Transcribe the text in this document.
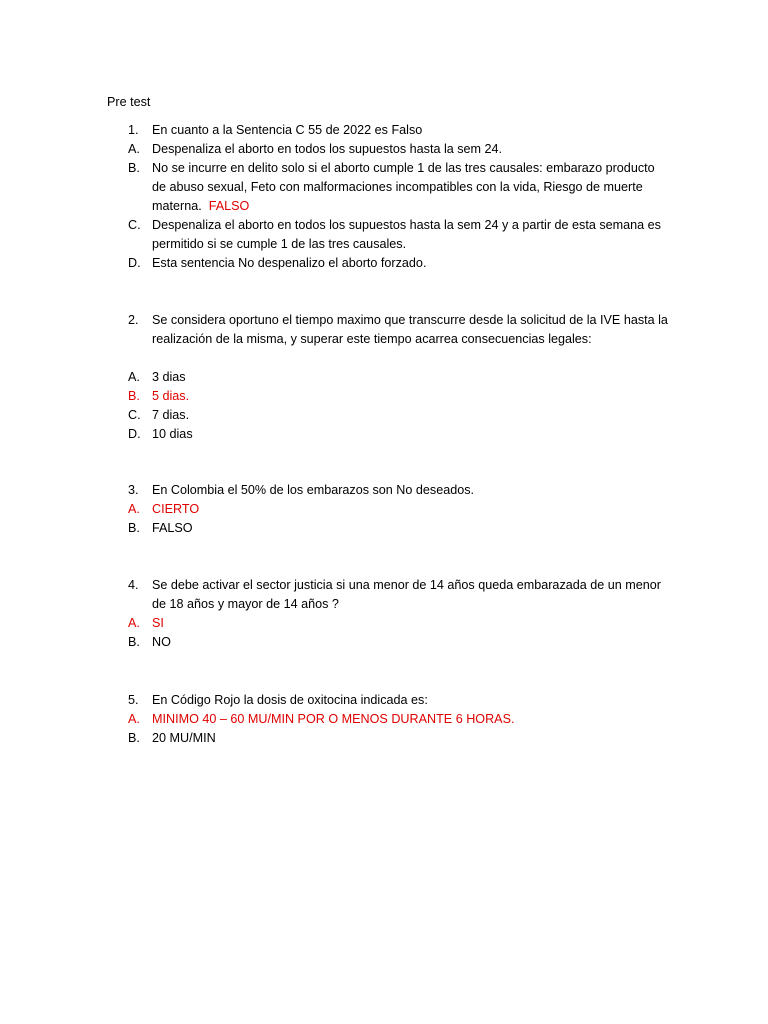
Pre test
1.	En cuanto a la Sentencia C 55 de 2022 es Falso
A. Despenaliza el aborto en todos los supuestos hasta la sem 24.
B. No se incurre en delito solo si el aborto cumple 1 de las tres causales: embarazo producto de abuso sexual, Feto con malformaciones incompatibles con la vida, Riesgo de muerte materna. FALSO
C. Despenaliza el aborto en todos los supuestos hasta la sem 24 y a partir de esta semana es permitido si se cumple 1 de las tres causales.
D. Esta sentencia No despenalizo el aborto forzado.
2.	Se considera oportuno el tiempo maximo que transcurre desde la solicitud de la IVE hasta la realización de la misma, y superar este tiempo acarrea consecuencias legales:
A. 3 dias
B. 5 dias.
C. 7 dias.
D. 10 dias
3.	En Colombia el 50% de los embarazos son No deseados.
A. CIERTO
B. FALSO
4.	Se debe activar el sector justicia si una menor de 14 años queda embarazada de un menor de 18 años y mayor de 14 años ?
A. SI
B. NO
5.	En Código Rojo la dosis de oxitocina indicada es:
A. MINIMO 40 – 60 MU/MIN POR O MENOS DURANTE 6 HORAS.
B. 20 MU/MIN
